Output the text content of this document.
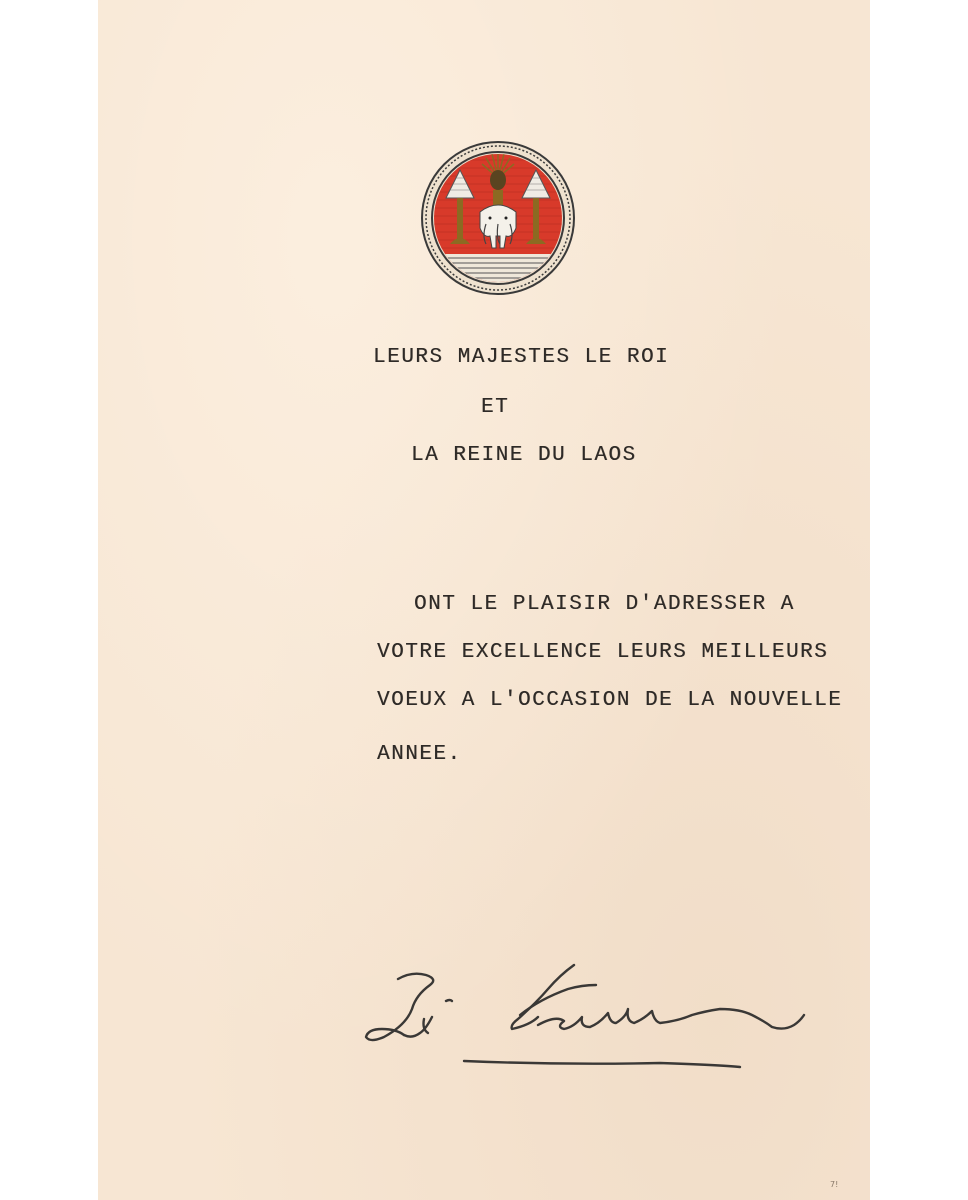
LEURS MAJESTES LE ROI
ET
LA REINE DU LAOS
ONT LE PLAISIR D'ADRESSER A
VOTRE EXCELLENCE LEURS MEILLEURS
VOEUX A L'OCCASION DE LA NOUVELLE
ANNEE.
7!
